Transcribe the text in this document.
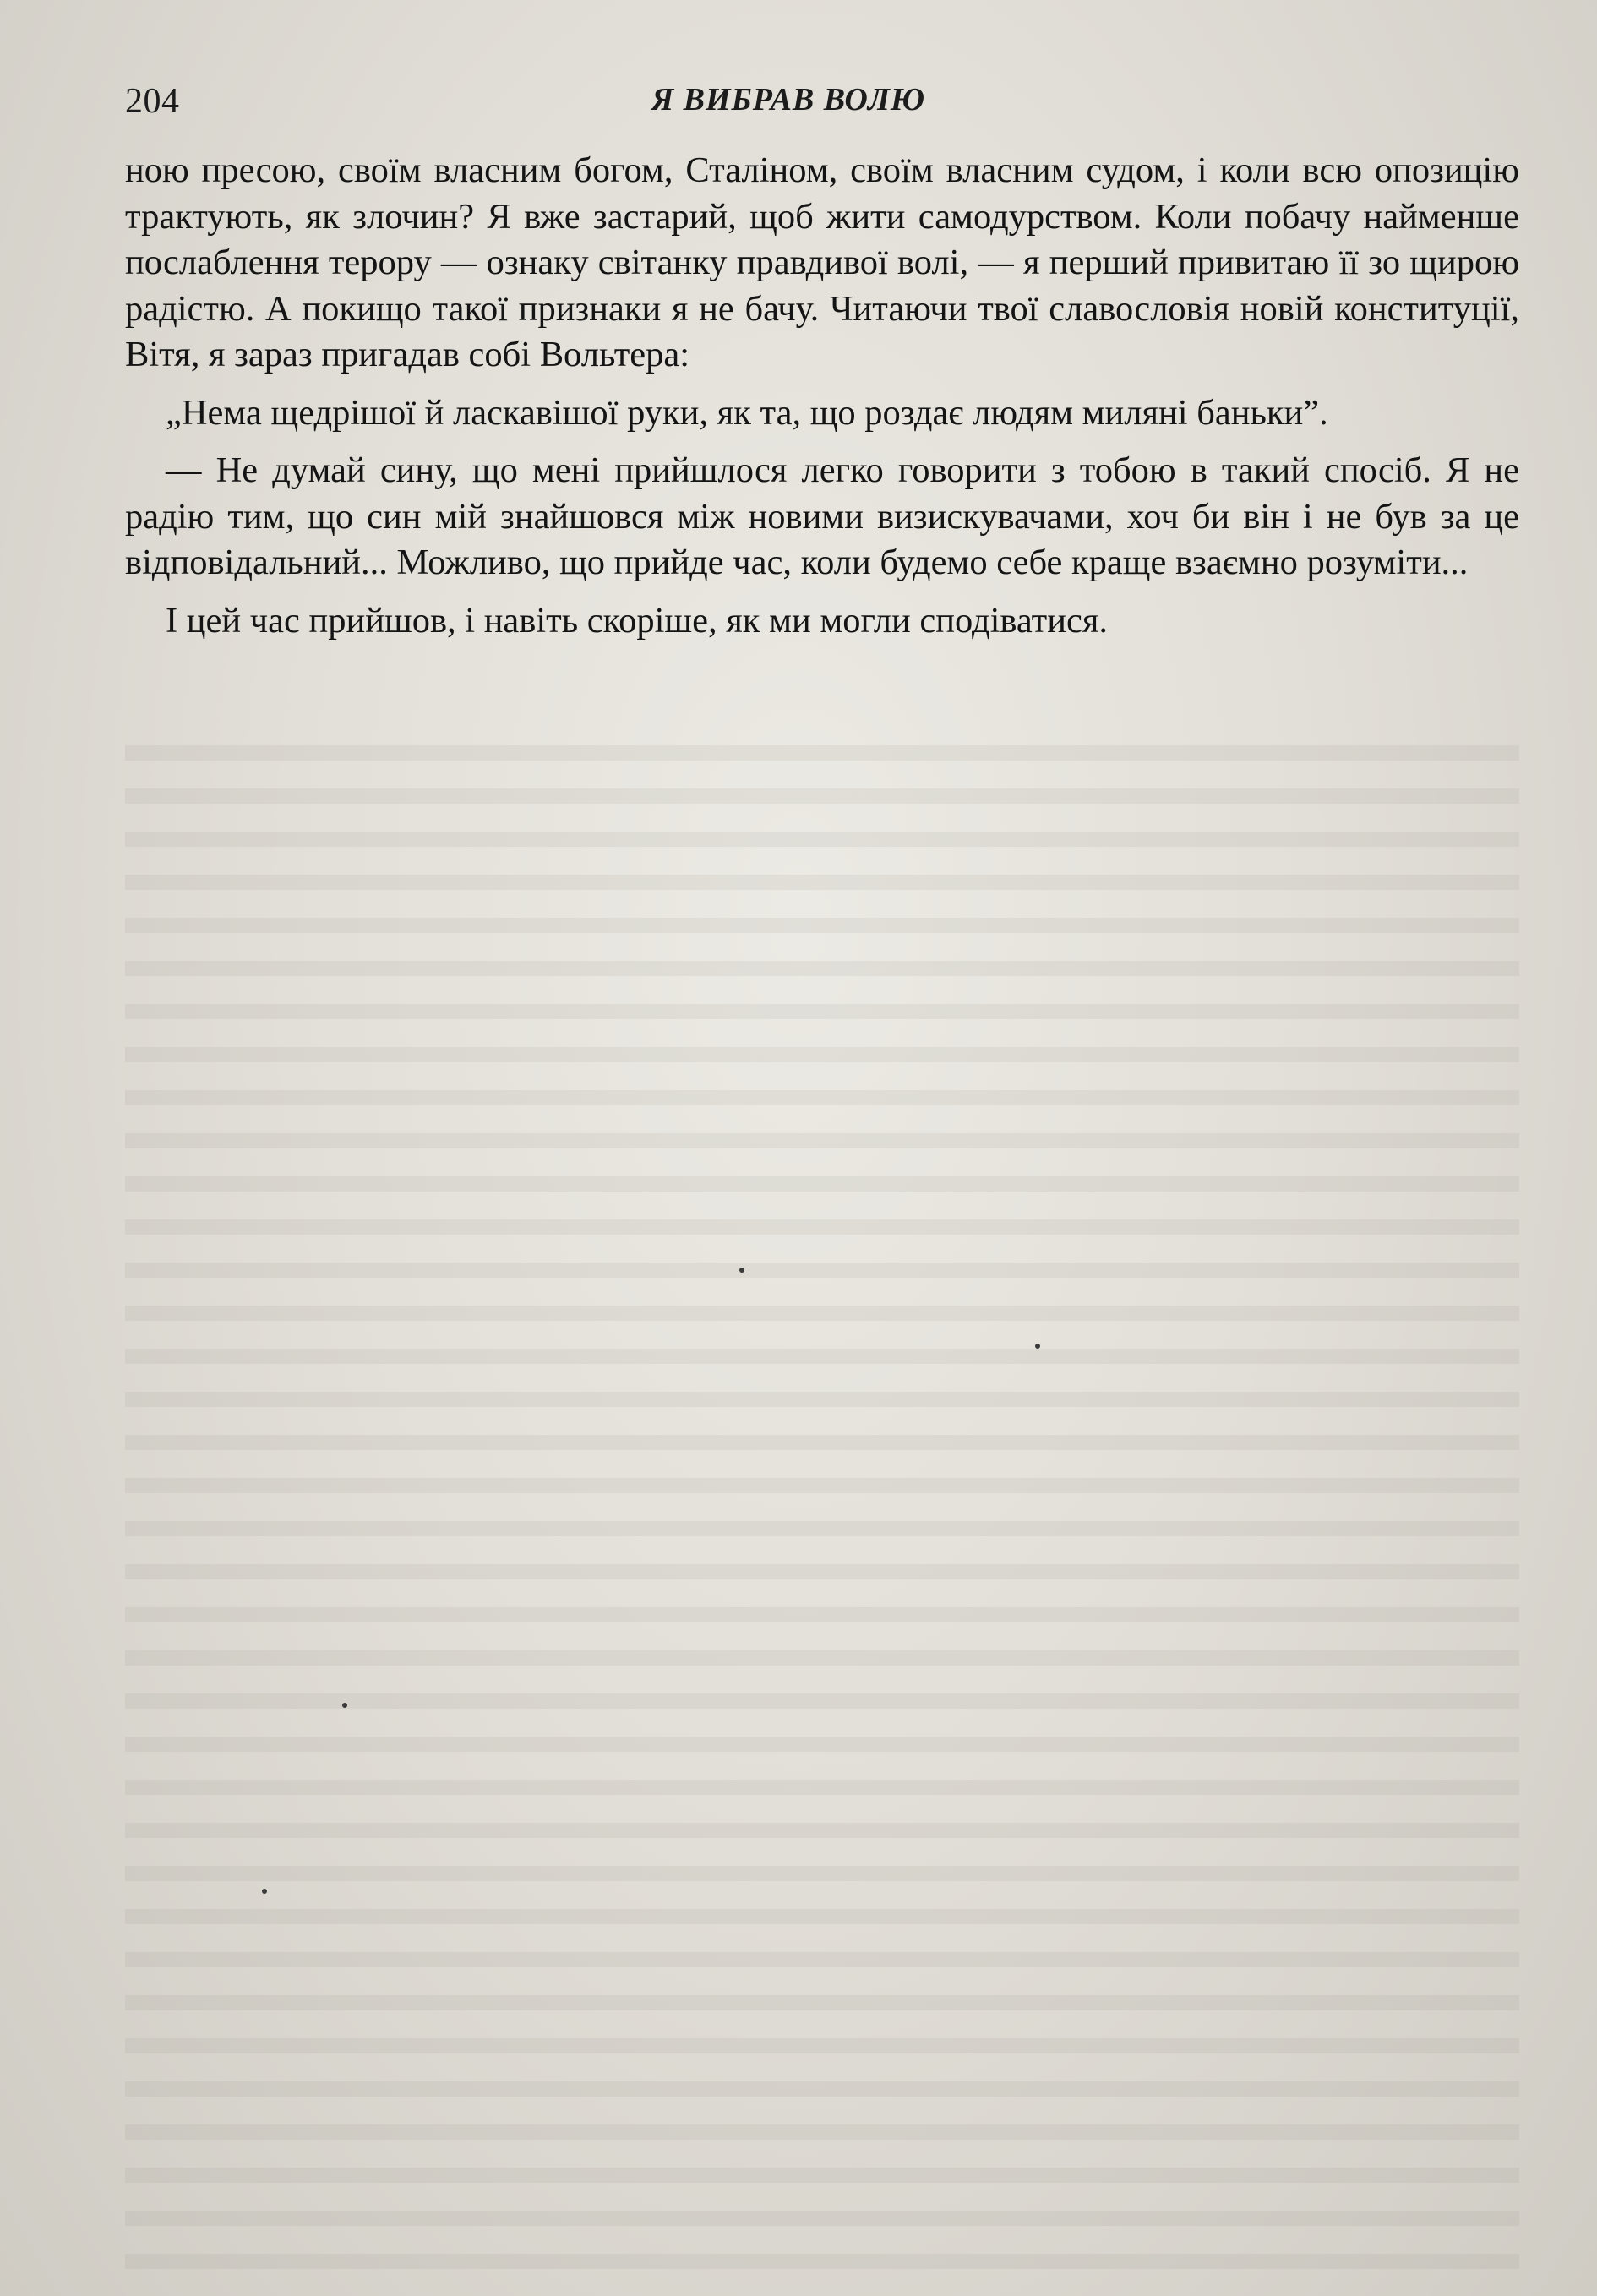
204	Я ВИБРАВ ВОЛЮ

ною пресою, своїм власним богом, Сталіном, своїм власним судом, і коли всю опозицію трактують, як злочин? Я вже застарий, щоб жити самодурством. Коли побачу найменше послаблення терору — ознаку світанку правдивої волі, — я перший привитаю її зо щирою радістю. А покищо такої признаки я не бачу. Читаючи твої славословія новій конституції, Вітя, я зараз пригадав собі Вольтера:

„Нема щедрішої й ласкавішої руки, як та, що роздає людям миляні баньки”.

— Не думай сину, що мені прийшлося легко говорити з тобою в такий спосіб. Я не радію тим, що син мій знайшовся між новими визискувачами, хоч би він і не був за це відповідальний... Можливо, що прийде час, коли будемо себе краще взаємно розуміти...

І цей час прийшов, і навіть скоріше, як ми могли сподіватися.
